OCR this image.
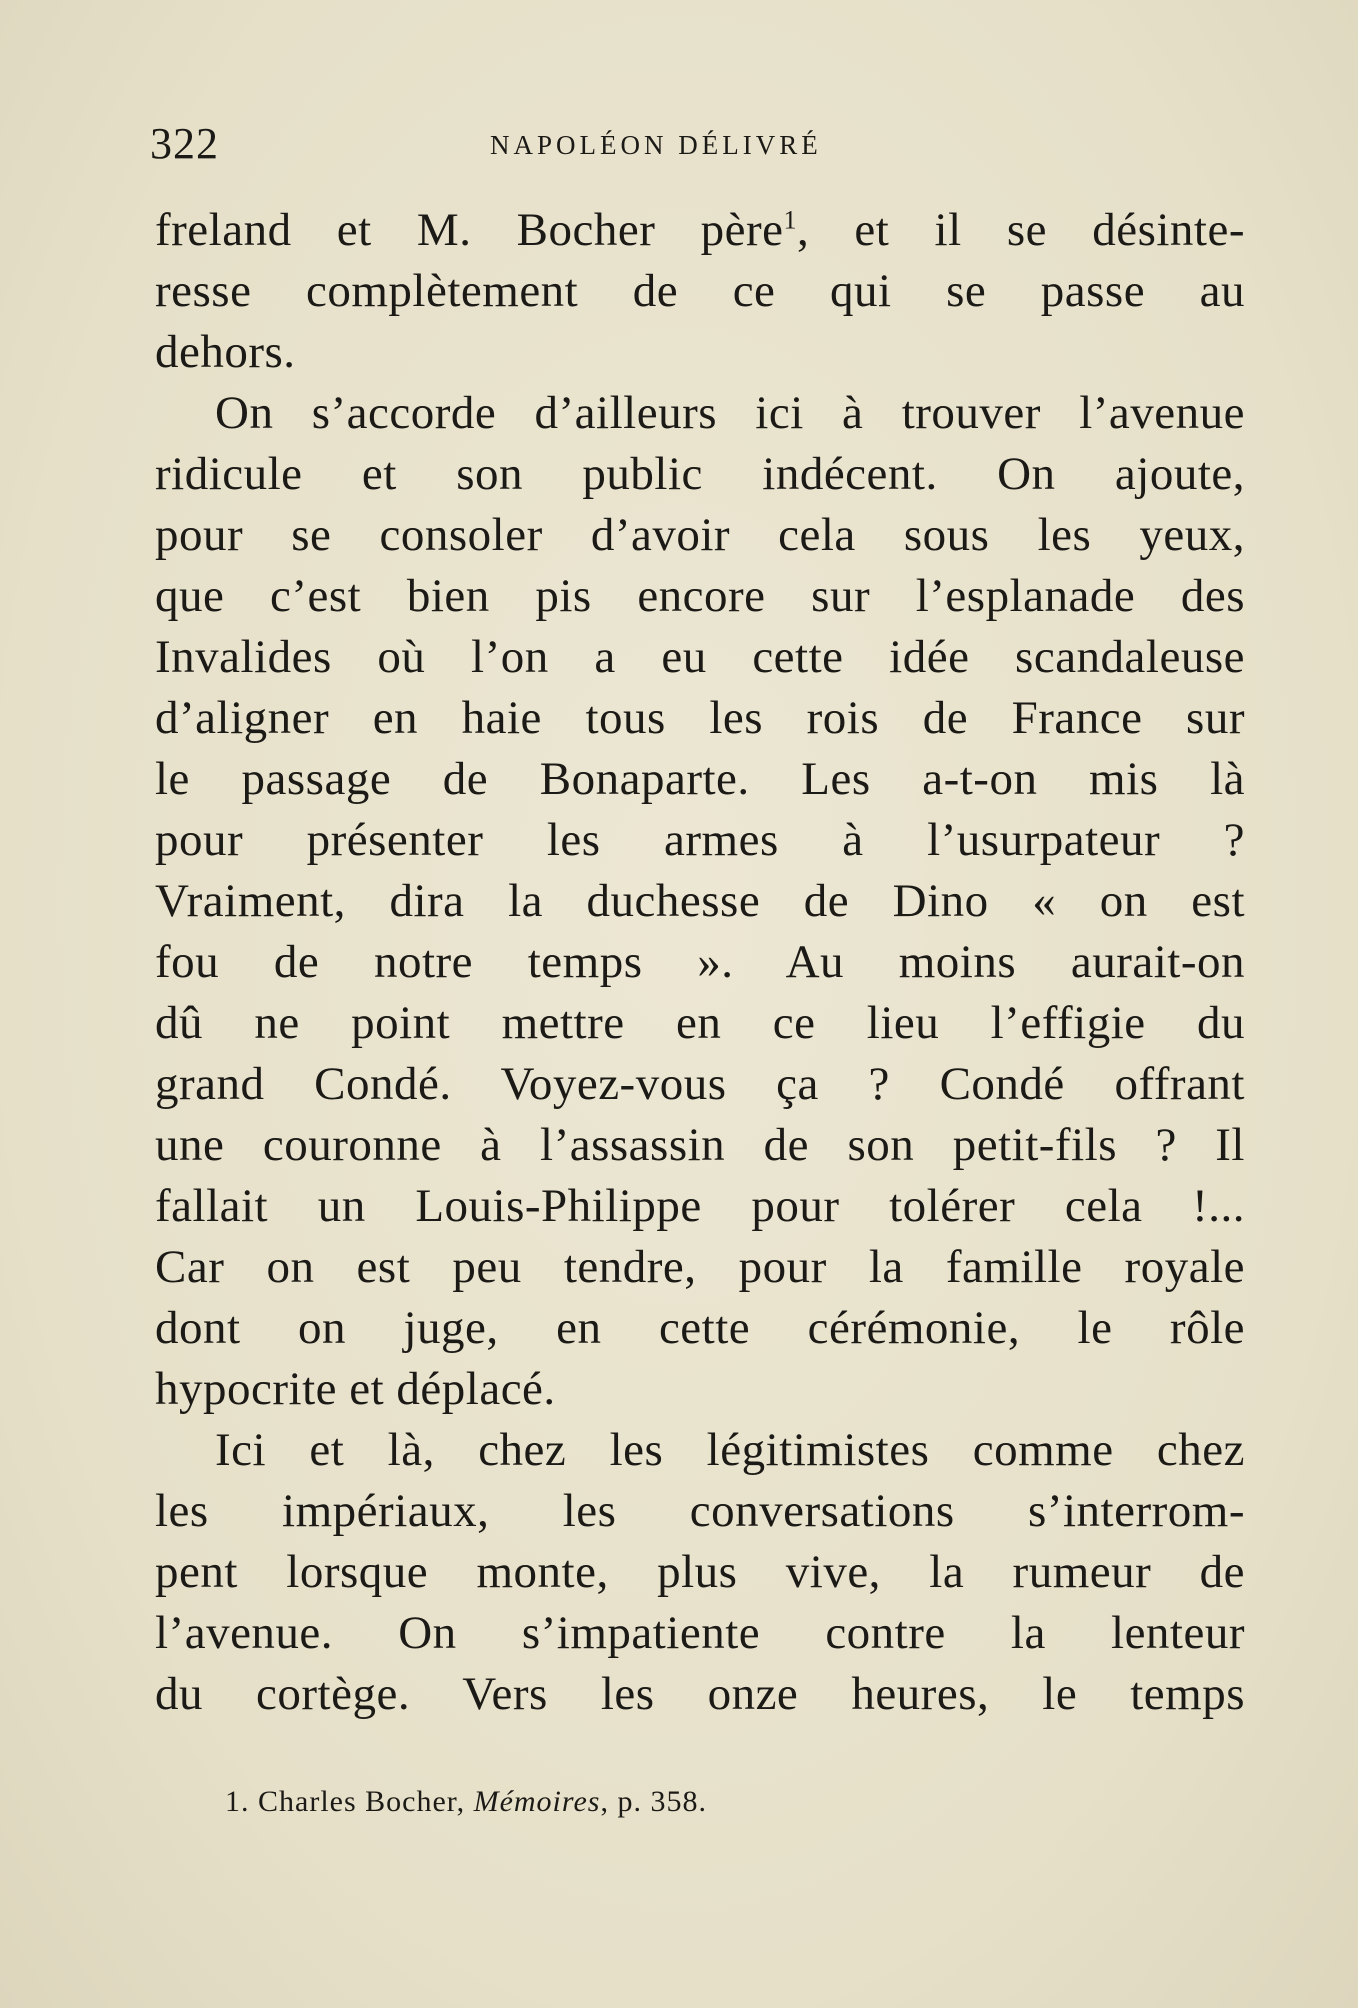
322	NAPOLÉON DÉLIVRÉ
freland et M. Bocher père$^1$, et il se désinte-
resse complètement de ce qui se passe au
dehors.
On s’accorde d’ailleurs ici à trouver l’avenue
ridicule et son public indécent. On ajoute,
pour se consoler d’avoir cela sous les yeux,
que c’est bien pis encore sur l’esplanade des
Invalides où l’on a eu cette idée scandaleuse
d’aligner en haie tous les rois de France sur
le passage de Bonaparte. Les a-t-on mis là
pour présenter les armes à l’usurpateur ?
Vraiment, dira la duchesse de Dino « on est
fou de notre temps ». Au moins aurait-on
dû ne point mettre en ce lieu l’effigie du
grand Condé. Voyez-vous ça ? Condé offrant
une couronne à l’assassin de son petit-fils ? Il
fallait un Louis-Philippe pour tolérer cela !...
Car on est peu tendre, pour la famille royale
dont on juge, en cette cérémonie, le rôle
hypocrite et déplacé.
Ici et là, chez les légitimistes comme chez
les impériaux, les conversations s’interrom-
pent lorsque monte, plus vive, la rumeur de
l’avenue. On s’impatiente contre la lenteur
du cortège. Vers les onze heures, le temps
1. Charles Bocher, Mémoires, p. 358.
